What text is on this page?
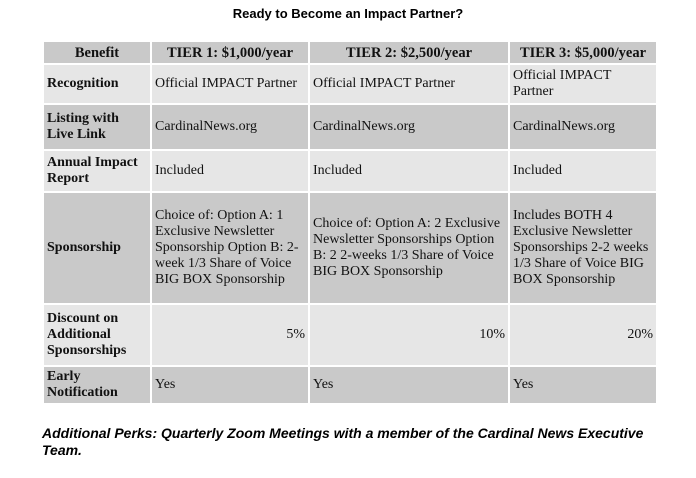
Ready to Become an Impact Partner?
Benefit	TIER 1: $1,000/year	TIER 2: $2,500/year	TIER 3: $5,000/year
Recognition	Official IMPACT Partner	Official IMPACT Partner	Official IMPACT Partner
Listing with Live Link	CardinalNews.org	CardinalNews.org	CardinalNews.org
Annual Impact Report	Included	Included	Included
Sponsorship	Choice of: Option A: 1 Exclusive Newsletter Sponsorship Option B: 2-week 1/3 Share of Voice BIG BOX Sponsorship	Choice of: Option A: 2 Exclusive Newsletter Sponsorships Option B: 2 2-weeks 1/3 Share of Voice BIG BOX Sponsorship	Includes BOTH 4 Exclusive Newsletter Sponsorships 2-2 weeks 1/3 Share of Voice BIG BOX Sponsorship
Discount on Additional Sponsorships	5%	10%	20%
Early Notification	Yes	Yes	Yes
Additional Perks: Quarterly Zoom Meetings with a member of the Cardinal News Executive Team.
